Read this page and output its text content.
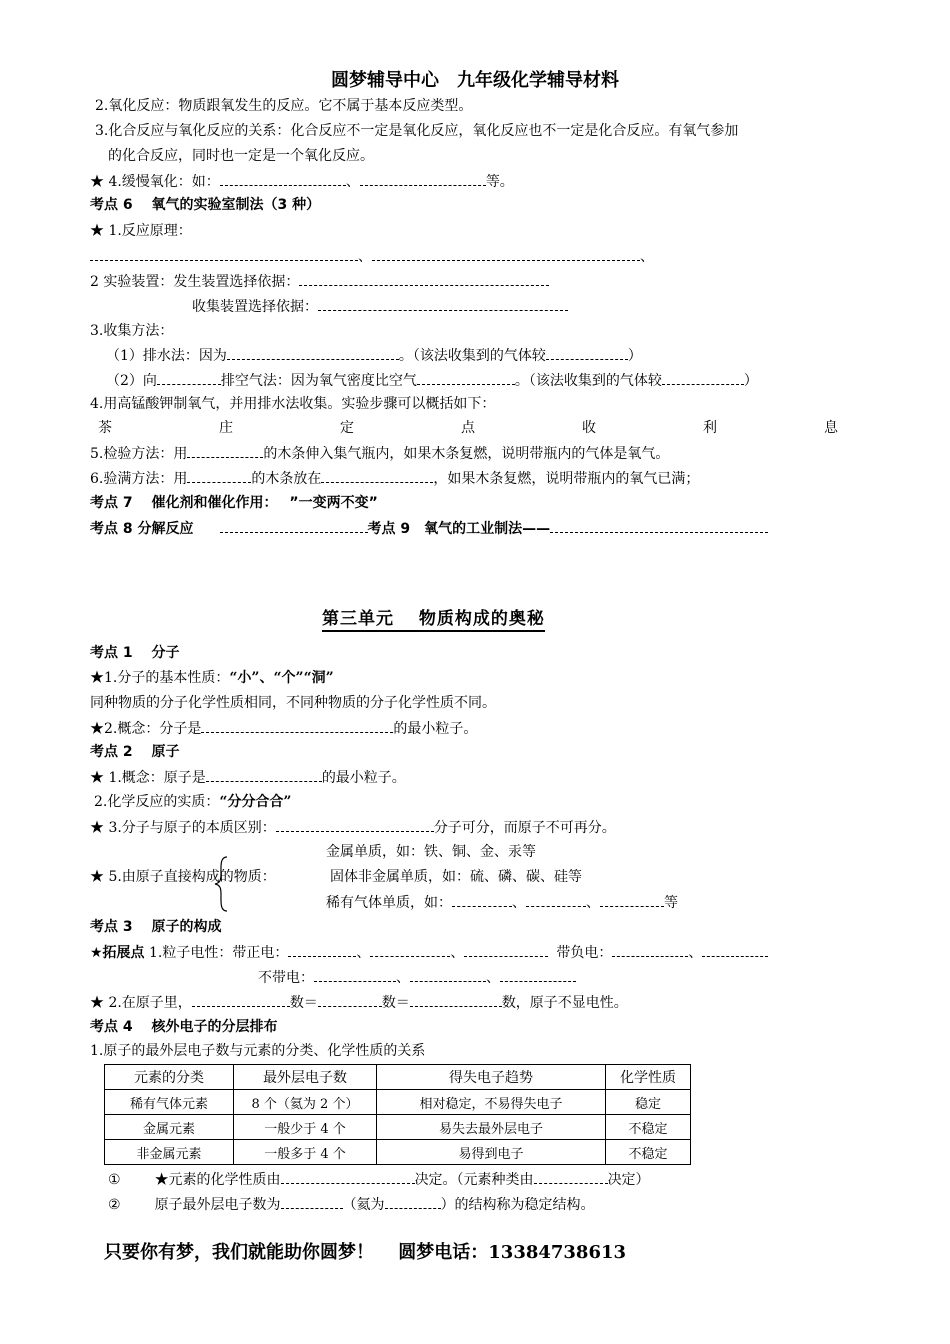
圆梦辅导中心　九年级化学辅导材料
2.氧化反应：物质跟氧发生的反应。它不属于基本反应类型。
3.化合反应与氧化反应的关系：化合反应不一定是氧化反应，氧化反应也不一定是化合反应。有氧气参加
的化合反应，同时也一定是一个氧化反应。
★ 4.缓慢氧化：如：	、	等。
考点 6　 氧气的实验室制法（3 种）
★ 1.反应原理：
、	、
2 实验装置：发生装置选择依据：
收集装置选择依据：
3.收集方法：
（1）排水法：因为	。（该法收集到的气体较	）
（2）向	排空气法：因为氧气密度比空气	。（该法收集到的气体较	）
4.用高锰酸钾制氧气，并用排水法收集。实验步骤可以概括如下：
茶	庄	定	点	收	利	息
5.检验方法：用	的木条伸入集气瓶内，如果木条复燃，说明带瓶内的气体是氧气。
6.验满方法：用	的木条放在	，如果木条复燃，说明带瓶内的氧气已满；
考点 7　 催化剂和催化作用：　 ”一变两不变”
考点 8 分解反应	考点 9　氧气的工业制法——
第三单元　 物质构成的奥秘
考点 1　 分子
★1.分子的基本性质：“小”、“个”“洞”
同种物质的分子化学性质相同，不同种物质的分子化学性质不同。
★2.概念：分子是	的最小粒子。
考点 2　 原子
★ 1.概念：原子是	的最小粒子。
2.化学反应的实质：“分分合合”
★ 3.分子与原子的本质区别：	分子可分，而原子不可再分。
金属单质，如：铁、铜、金、汞等
★ 5.由原子直接构成的物质：	固体非金属单质，如：硫、磷、碳、硅等
稀有气体单质，如：	、	、	等
考点 3　 原子的构成
★拓展点 1.粒子电性：带正电：	、	、	带负电：	、
不带电：	、	、
★ 2.在原子里，	数＝	数＝	数，原子不显电性。
考点 4　 核外电子的分层排布
1.原子的最外层电子数与元素的分类、化学性质的关系
元素的分类	最外层电子数	得失电子趋势	化学性质
稀有气体元素	8 个（氦为 2 个）	相对稳定，不易得失电子	稳定
金属元素	一般少于 4 个	易失去最外层电子	不稳定
非金属元素	一般多于 4 个	易得到电子	不稳定
① ★元素的化学性质由	决定。（元素种类由	决定）
② 原子最外层电子数为	（氦为	）的结构称为稳定结构。
只要你有梦，我们就能助你圆梦！　 圆梦电话：13384738613
